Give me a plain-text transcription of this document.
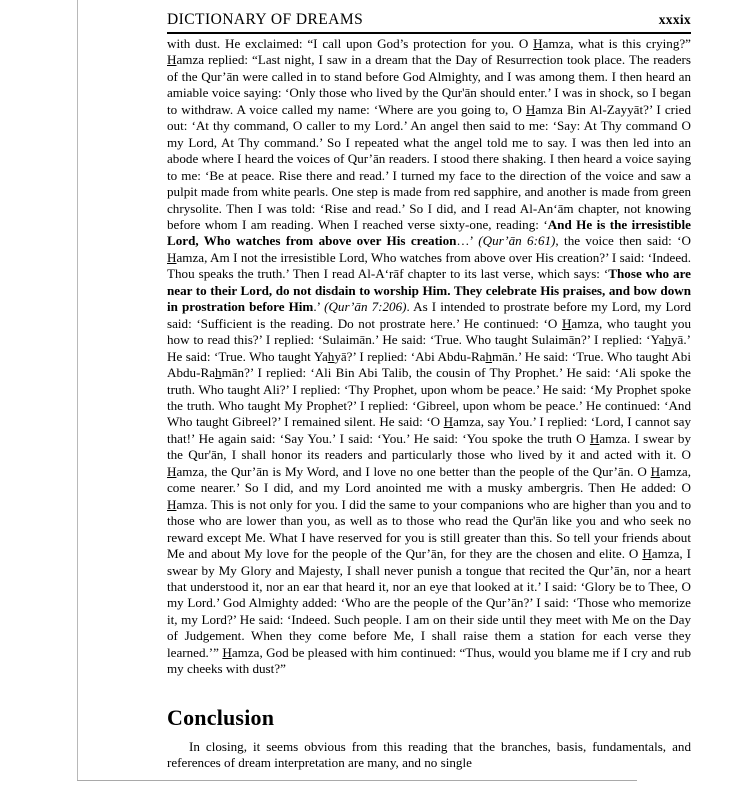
DICTIONARY OF DREAMS	xxxix

with dust. He exclaimed: “I call upon God’s protection for you. O Hamza, what is this crying?” Hamza replied: “Last night, I saw in a dream that the Day of Resurrection took place. The readers of the Qur’ān were called in to stand before God Almighty, and I was among them. I then heard an amiable voice saying: ‘Only those who lived by the Qur'ān should enter.’ I was in shock, so I began to withdraw. A voice called my name: ‘Where are you going to, O Hamza Bin Al-Zayyāt?’ I cried out: ‘At thy command, O caller to my Lord.’ An angel then said to me: ‘Say: At Thy command O my Lord, At Thy command.’ So I repeated what the angel told me to say. I was then led into an abode where I heard the voices of Qur’ān readers. I stood there shaking. I then heard a voice saying to me: ‘Be at peace. Rise there and read.’ I turned my face to the direction of the voice and saw a pulpit made from white pearls. One step is made from red sapphire, and another is made from green chrysolite. Then I was told: ‘Rise and read.’ So I did, and I read Al-An‘ām chapter, not knowing before whom I am reading. When I reached verse sixty-one, reading: ‘And He is the irresistible Lord, Who watches from above over His creation…’ (Qur’ān 6:61), the voice then said: ‘O Hamza, Am I not the irresistible Lord, Who watches from above over His creation?’ I said: ‘Indeed. Thou speaks the truth.’ Then I read Al-A‘rāf chapter to its last verse, which says: ‘Those who are near to their Lord, do not disdain to worship Him. They celebrate His praises, and bow down in prostration before Him.’ (Qur’ān 7:206). As I intended to prostrate before my Lord, my Lord said: ‘Sufficient is the reading. Do not prostrate here.’ He continued: ‘O Hamza, who taught you how to read this?’ I replied: ‘Sulaimān.’ He said: ‘True. Who taught Sulaimān?’ I replied: ‘Yahyā.’ He said: ‘True. Who taught Yahyā?’ I replied: ‘Abi Abdu-Rahmān.’ He said: ‘True. Who taught Abi Abdu-Rahmān?’ I replied: ‘Ali Bin Abi Talib, the cousin of Thy Prophet.’ He said: ‘Ali spoke the truth. Who taught Ali?’ I replied: ‘Thy Prophet, upon whom be peace.’ He said: ‘My Prophet spoke the truth. Who taught My Prophet?’ I replied: ‘Gibreel, upon whom be peace.’ He continued: ‘And Who taught Gibreel?’ I remained silent. He said: ‘O Hamza, say You.’ I replied: ‘Lord, I cannot say that!’ He again said: ‘Say You.’ I said: ‘You.’ He said: ‘You spoke the truth O Hamza. I swear by the Qur'ān, I shall honor its readers and particularly those who lived by it and acted with it. O Hamza, the Qur’ān is My Word, and I love no one better than the people of the Qur’ān. O Hamza, come nearer.’ So I did, and my Lord anointed me with a musky ambergris. Then He added: O Hamza. This is not only for you. I did the same to your companions who are higher than you and to those who are lower than you, as well as to those who read the Qur'ān like you and who seek no reward except Me. What I have reserved for you is still greater than this. So tell your friends about Me and about My love for the people of the Qur’ān, for they are the chosen and elite. O Hamza, I swear by My Glory and Majesty, I shall never punish a tongue that recited the Qur’ān, nor a heart that understood it, nor an ear that heard it, nor an eye that looked at it.’ I said: ‘Glory be to Thee, O my Lord.’ God Almighty added: ‘Who are the people of the Qur’ān?’ I said: ‘Those who memorize it, my Lord?’ He said: ‘Indeed. Such people. I am on their side until they meet with Me on the Day of Judgement. When they come before Me, I shall raise them a station for each verse they learned.’” Hamza, God be pleased with him continued: “Thus, would you blame me if I cry and rub my cheeks with dust?”

Conclusion

In closing, it seems obvious from this reading that the branches, basis, fundamentals, and references of dream interpretation are many, and no single
